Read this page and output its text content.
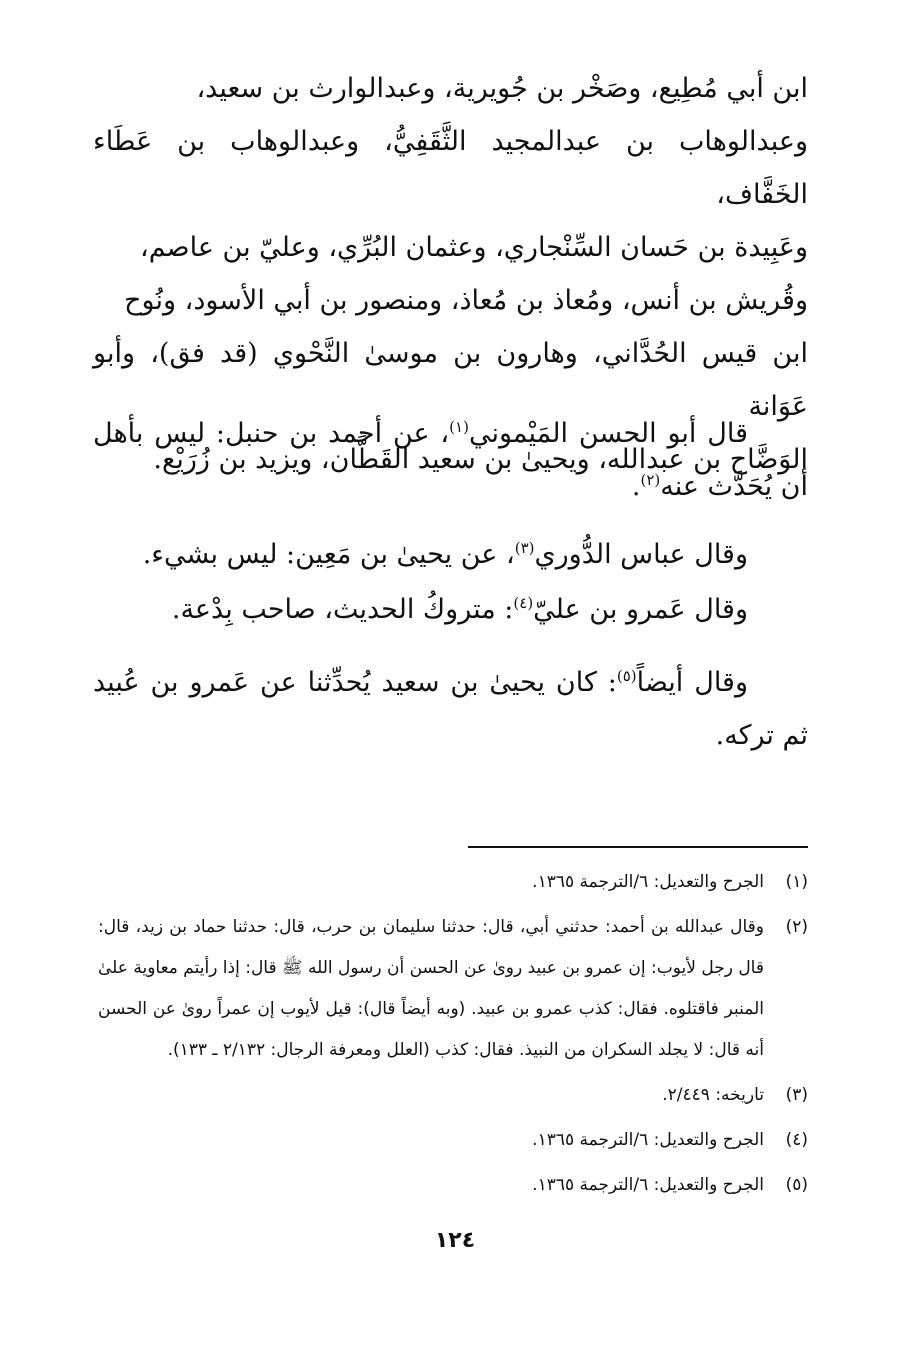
ابن أبي مُطِيع، وصَخْر بن جُويرية، وعبدالوارث بن سعيد،
وعبدالوهاب بن عبدالمجيد الثَّقَفِيُّ، وعبدالوهاب بن عَطَاء الخَفَّاف،
وعَبِيدة بن حَسان السِّنْجاري، وعثمان البُرِّي، وعليّ بن عاصم،
وقُريش بن أنس، ومُعاذ بن مُعاذ، ومنصور بن أبي الأسود، ونُوح
ابن قيس الحُدَّاني، وهارون بن موسىٰ النَّحْوي (قد فق)، وأبو عَوَانة
الوَضَّاح بن عبدالله، ويحيىٰ بن سعيد القَطَّان، ويزيد بن زُرَيْع.

قال أبو الحسن المَيْموني$^{(١)}$، عن أحمد بن حنبل: ليس بأهل أن يُحَدَّث عنه$^{(٢)}$.

وقال عباس الدُّوري$^{(٣)}$، عن يحيىٰ بن مَعِين: ليس بشيء.

وقال عَمرو بن عليّ$^{(٤)}$: متروكُ الحديث، صاحب بِدْعة.

وقال أيضاً$^{(٥)}$: كان يحيىٰ بن سعيد يُحدِّثنا عن عَمرو بن عُبيد ثم تركه.

(١)
الجرح والتعديل: ٦/الترجمة ١٣٦٥.
(٢)
وقال عبدالله بن أحمد: حدثني أبي، قال: حدثنا سليمان بن حرب، قال: حدثنا حماد بن زيد، قال: قال رجل لأيوب: إن عمرو بن عبيد روىٰ عن الحسن أن رسول الله ﷺ قال: إذا رأيتم معاوية علىٰ المنبر فاقتلوه. فقال: كذب عمرو بن عبيد. (وبه أيضاً قال): قيل لأيوب إن عمراً روىٰ عن الحسن أنه قال: لا يجلد السكران من النبيذ. فقال: كذب (العلل ومعرفة الرجال: ٢/١٣٢ ـ ١٣٣).
(٣)
تاريخه: ٢/٤٤٩.
(٤)
الجرح والتعديل: ٦/الترجمة ١٣٦٥.
(٥)
الجرح والتعديل: ٦/الترجمة ١٣٦٥.
١٢٤
